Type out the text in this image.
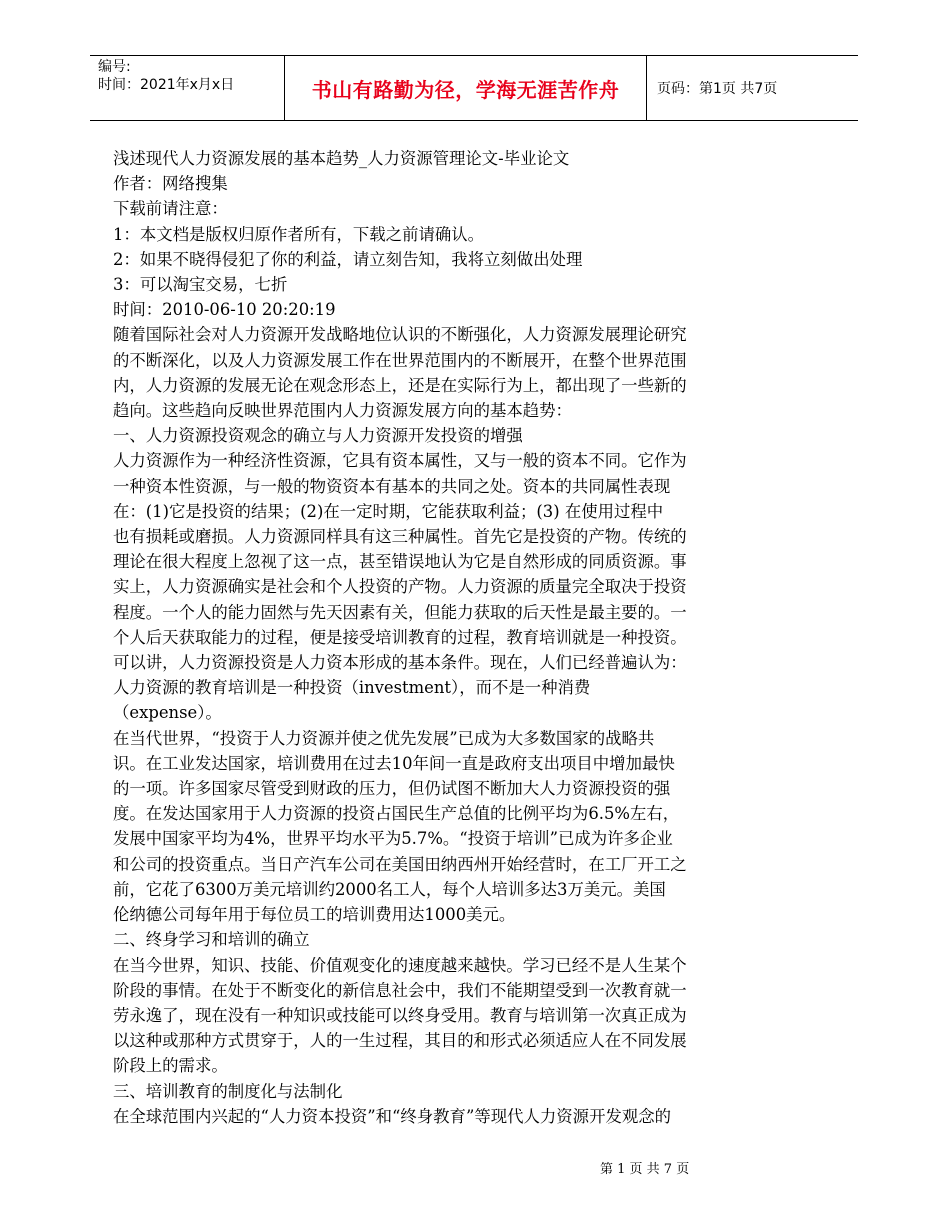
编号:
时间：2021年x月x日	书山有路勤为径，学海无涯苦作舟	页码：第1页 共7页

浅述现代人力资源发展的基本趋势_人力资源管理论文-毕业论文

作者：网络搜集

下载前请注意：

1：本文档是版权归原作者所有，下载之前请确认。

2：如果不晓得侵犯了你的利益，请立刻告知，我将立刻做出处理

3：可以淘宝交易，七折

时间：2010-06-10 20:20:19

随着国际社会对人力资源开发战略地位认识的不断强化，人力资源发展理论研究

的不断深化，以及人力资源发展工作在世界范围内的不断展开，在整个世界范围

内，人力资源的发展无论在观念形态上，还是在实际行为上，都出现了一些新的

趋向。这些趋向反映世界范围内人力资源发展方向的基本趋势：

一、人力资源投资观念的确立与人力资源开发投资的增强

人力资源作为一种经济性资源，它具有资本属性，又与一般的资本不同。它作为

一种资本性资源，与一般的物资资本有基本的共同之处。资本的共同属性表现

在：(1)它是投资的结果；(2)在一定时期，它能获取利益；(3) 在使用过程中

也有损耗或磨损。人力资源同样具有这三种属性。首先它是投资的产物。传统的

理论在很大程度上忽视了这一点，甚至错误地认为它是自然形成的同质资源。事

实上，人力资源确实是社会和个人投资的产物。人力资源的质量完全取决于投资

程度。一个人的能力固然与先天因素有关，但能力获取的后天性是最主要的。一

个人后天获取能力的过程，便是接受培训教育的过程，教育培训就是一种投资。

可以讲，人力资源投资是人力资本形成的基本条件。现在，人们已经普遍认为：

人力资源的教育培训是一种投资（investment），而不是一种消费

（expense）。

在当代世界，“投资于人力资源并使之优先发展”已成为大多数国家的战略共

识。在工业发达国家，培训费用在过去10年间一直是政府支出项目中增加最快

的一项。许多国家尽管受到财政的压力，但仍试图不断加大人力资源投资的强

度。在发达国家用于人力资源的投资占国民生产总值的比例平均为6.5%左右，

发展中国家平均为4%，世界平均水平为5.7%。“投资于培训”已成为许多企业

和公司的投资重点。当日产汽车公司在美国田纳西州开始经营时，在工厂开工之

前，它花了6300万美元培训约2000名工人，每个人培训多达3万美元。美国

伦纳德公司每年用于每位员工的培训费用达1000美元。

二、终身学习和培训的确立

在当今世界，知识、技能、价值观变化的速度越来越快。学习已经不是人生某个

阶段的事情。在处于不断变化的新信息社会中，我们不能期望受到一次教育就一

劳永逸了，现在没有一种知识或技能可以终身受用。教育与培训第一次真正成为

以这种或那种方式贯穿于，人的一生过程，其目的和形式必须适应人在不同发展

阶段上的需求。

三、培训教育的制度化与法制化

在全球范围内兴起的“人力资本投资”和“终身教育”等现代人力资源开发观念的

第 1 页 共 7 页
